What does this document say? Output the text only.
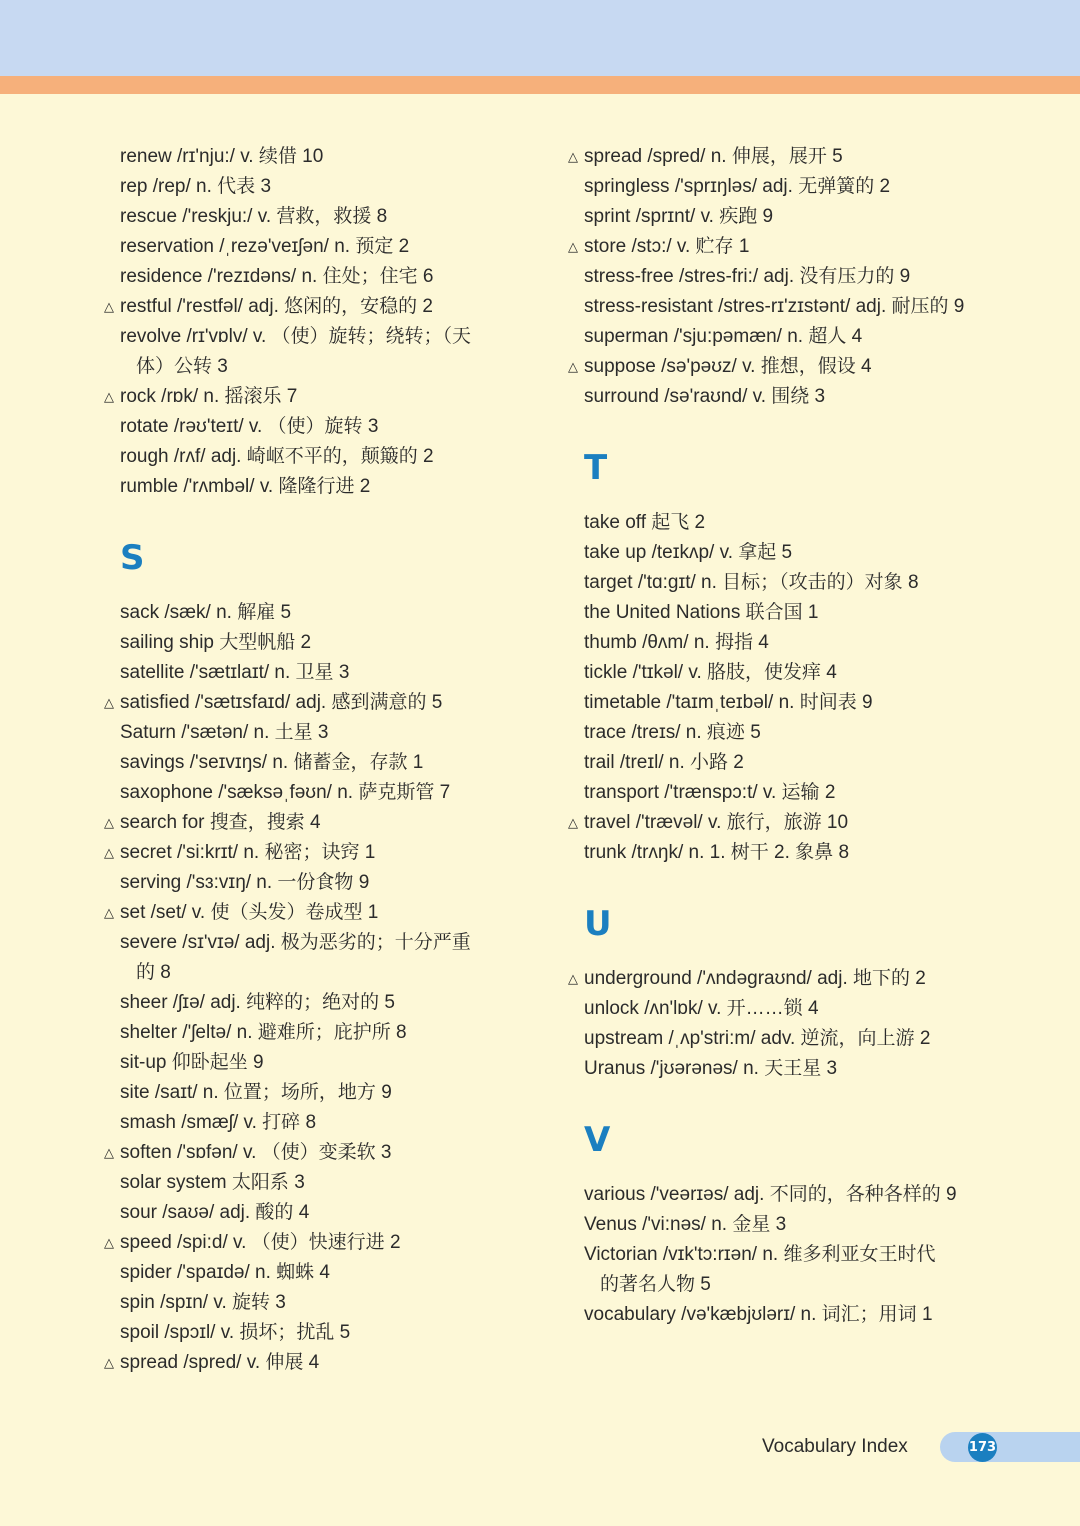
renew /rɪ'nju:/ v. 续借 10
rep /rep/ n. 代表 3
rescue /'reskju:/ v. 营救，救援 8
reservation /ˌrezə'veɪʃən/ n. 预定 2
residence /'rezɪdəns/ n. 住处；住宅 6
△ restful /'restfəl/ adj. 悠闲的，安稳的 2
revolve /rɪ'vɒlv/ v. （使）旋转；绕转；（天
体）公转 3
△ rock /rɒk/ n. 摇滚乐 7
rotate /rəʊ'teɪt/ v. （使）旋转 3
rough /rʌf/ adj. 崎岖不平的，颠簸的 2
rumble /'rʌmbəl/ v. 隆隆行进 2
S
sack /sæk/ n. 解雇 5
sailing ship 大型帆船 2
satellite /'sætɪlaɪt/ n. 卫星 3
△ satisfied /'sætɪsfaɪd/ adj. 感到满意的 5
Saturn /'sætən/ n. 土星 3
savings /'seɪvɪŋs/ n. 储蓄金，存款 1
saxophone /'sæksəˌfəʊn/ n. 萨克斯管 7
△ search for 搜查，搜索 4
△ secret /'si:krɪt/ n. 秘密；诀窍 1
serving /'sɜ:vɪŋ/ n. 一份食物 9
△ set /set/ v. 使（头发）卷成型 1
severe /sɪ'vɪə/ adj. 极为恶劣的；十分严重
的 8
sheer /ʃɪə/ adj. 纯粹的；绝对的 5
shelter /'ʃeltə/ n. 避难所；庇护所 8
sit-up 仰卧起坐 9
site /saɪt/ n. 位置；场所，地方 9
smash /smæʃ/ v. 打碎 8
△ soften /'sɒfən/ v. （使）变柔软 3
solar system 太阳系 3
sour /saʊə/ adj. 酸的 4
△ speed /spi:d/ v. （使）快速行进 2
spider /'spaɪdə/ n. 蜘蛛 4
spin /spɪn/ v. 旋转 3
spoil /spɔɪl/ v. 损坏；扰乱 5
△ spread /spred/ v. 伸展 4
△ spread /spred/ n. 伸展，展开 5
springless /'sprɪŋləs/ adj. 无弹簧的 2
sprint /sprɪnt/ v. 疾跑 9
△ store /stɔ:/ v. 贮存 1
stress-free /stres-fri:/ adj. 没有压力的 9
stress-resistant /stres-rɪ'zɪstənt/ adj. 耐压的 9
superman /'sju:pəmæn/ n. 超人 4
△ suppose /sə'pəʊz/ v. 推想，假设 4
surround /sə'raʊnd/ v. 围绕 3
T
take off 起飞 2
take up /teɪkʌp/ v. 拿起 5
target /'tɑ:gɪt/ n. 目标；（攻击的）对象 8
the United Nations 联合国 1
thumb /θʌm/ n. 拇指 4
tickle /'tɪkəl/ v. 胳肢，使发痒 4
timetable /'taɪmˌteɪbəl/ n. 时间表 9
trace /treɪs/ n. 痕迹 5
trail /treɪl/ n. 小路 2
transport /'trænspɔ:t/ v. 运输 2
△ travel /'trævəl/ v. 旅行，旅游 10
trunk /trʌŋk/ n. 1. 树干 2. 象鼻 8
U
△ underground /'ʌndəgraʊnd/ adj. 地下的 2
unlock /ʌn'lɒk/ v. 开……锁 4
upstream /ˌʌp'stri:m/ adv. 逆流，向上游 2
Uranus /'jʊərənəs/ n. 天王星 3
V
various /'veərɪəs/ adj. 不同的，各种各样的 9
Venus /'vi:nəs/ n. 金星 3
Victorian /vɪk'tɔ:rɪən/ n. 维多利亚女王时代
的著名人物 5
vocabulary /və'kæbjʊlərɪ/ n. 词汇；用词 1
Vocabulary Index	173
